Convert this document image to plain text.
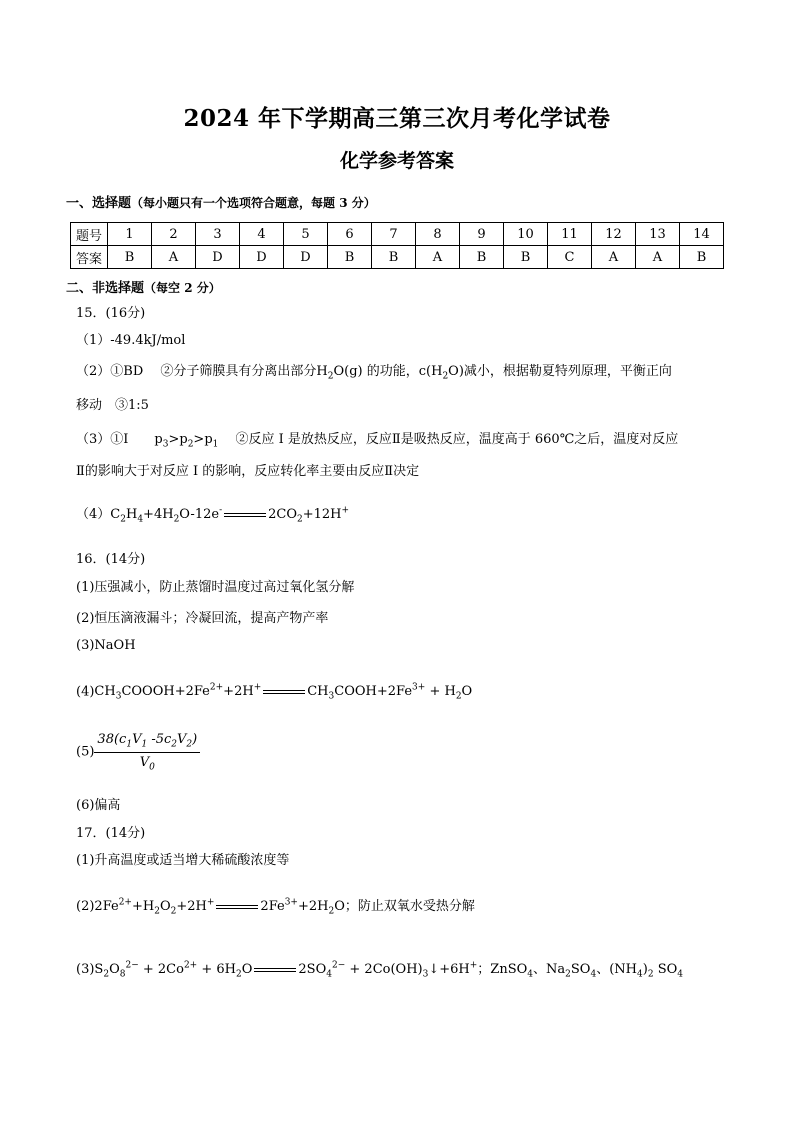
2024 年下学期高三第三次月考化学试卷
化学参考答案
一、选择题（每小题只有一个选项符合题意，每题 3 分）
题号	1	2	3	4	5	6	7	8	9	10	11	12	13	14
答案	B	A	D	D	D	B	B	A	B	B	C	A	A	B
二、非选择题（每空 2 分）
15．(16分)
（1）-49.4kJ/mol
（2）①BD　 ②分子筛膜具有分离出部分$H_2O(g)$ 的功能，$c(H_2O)$减小，根据勒夏特列原理，平衡正向
移动　③1:5
（3）①I　　$p_3>p_2>p_1$　 ②反应 I 是放热反应，反应Ⅱ是吸热反应，温度高于 660℃之后，温度对反应
Ⅱ的影响大于对反应 I 的影响，反应转化率主要由反应Ⅱ决定
$(4)C_2H_4+4H_2O-12e^-$	$2CO_2+12H^+$
16．(14分)
(1)压强减小，防止蒸馏时温度过高过氧化氢分解
(2)恒压滴液漏斗；冷凝回流，提高产物产率
(3)NaOH
$(4)CH_3COOOH+2Fe^{2+}+2H^+$	$CH_3COOH+2Fe^{3+} + H_2O$
$(5) \frac{38(c_1V_1 -5c_2V_2)}{V_0}$
(6)偏高
17．(14分)
(1)升高温度或适当增大稀硫酸浓度等
$(2)2Fe^{2+}+H_2O_2+2H^+$	$2Fe^{3+}+2H_2O$；防止双氧水受热分解
$(3)S_2O_8^{2-} + 2Co^{2+} + 6H_2O$	$2SO_4^{2-}$ + $2Co(OH)_3↓+6H^+$；ZnSO$_4$、$Na_2SO_4$、$(NH_4)_2$ $SO_4$
